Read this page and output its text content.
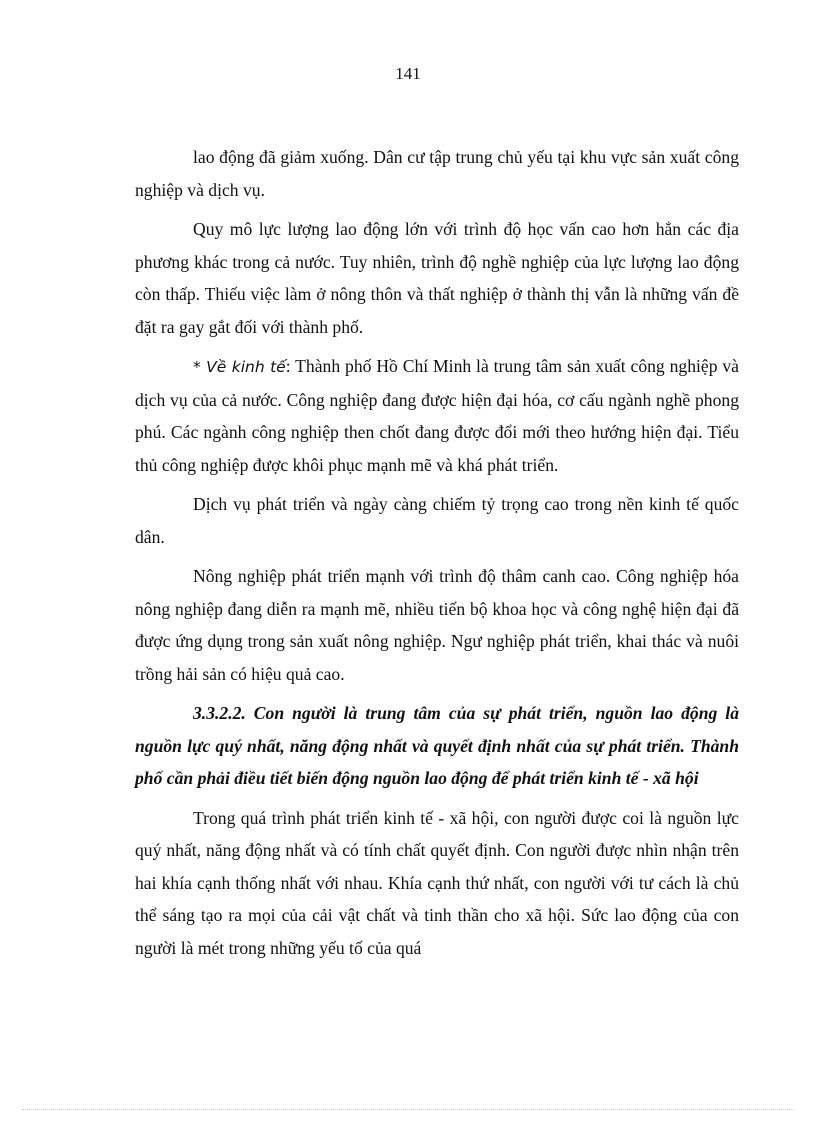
141

lao động đã giảm xuống. Dân cư tập trung chủ yếu tại khu vực sản xuất công nghiệp và dịch vụ.

Quy mô lực lượng lao động lớn với trình độ học vấn cao hơn hẳn các địa phương khác trong cả nước. Tuy nhiên, trình độ nghề nghiệp của lực lượng lao động còn thấp. Thiếu việc làm ở nông thôn và thất nghiệp ở thành thị vẫn là những vấn đề đặt ra gay gắt đối với thành phố.

* Về kinh tế: Thành phố Hồ Chí Minh là trung tâm sản xuất công nghiệp và dịch vụ của cả nước. Công nghiệp đang được hiện đại hóa, cơ cấu ngành nghề phong phú. Các ngành công nghiệp then chốt đang được đổi mới theo hướng hiện đại. Tiểu thủ công nghiệp được khôi phục mạnh mẽ và khá phát triển.

Dịch vụ phát triển và ngày càng chiếm tỷ trọng cao trong nền kinh tế quốc dân.

Nông nghiệp phát triển mạnh với trình độ thâm canh cao. Công nghiệp hóa nông nghiệp đang diễn ra mạnh mẽ, nhiều tiến bộ khoa học và công nghệ hiện đại đã được ứng dụng trong sản xuất nông nghiệp. Ngư nghiệp phát triển, khai thác và nuôi trồng hải sản có hiệu quả cao.

3.3.2.2. Con người là trung tâm của sự phát triển, nguồn lao động là nguồn lực quý nhất, năng động nhất và quyết định nhất của sự phát triển. Thành phố cần phải điều tiết biến động nguồn lao động để phát triển kinh tế - xã hội

Trong quá trình phát triển kinh tế - xã hội, con người được coi là nguồn lực quý nhất, năng động nhất và có tính chất quyết định. Con người được nhìn nhận trên hai khía cạnh thống nhất với nhau. Khía cạnh thứ nhất, con người với tư cách là chủ thể sáng tạo ra mọi của cải vật chất và tinh thần cho xã hội. Sức lao động của con người là mét trong những yếu tố của quá
